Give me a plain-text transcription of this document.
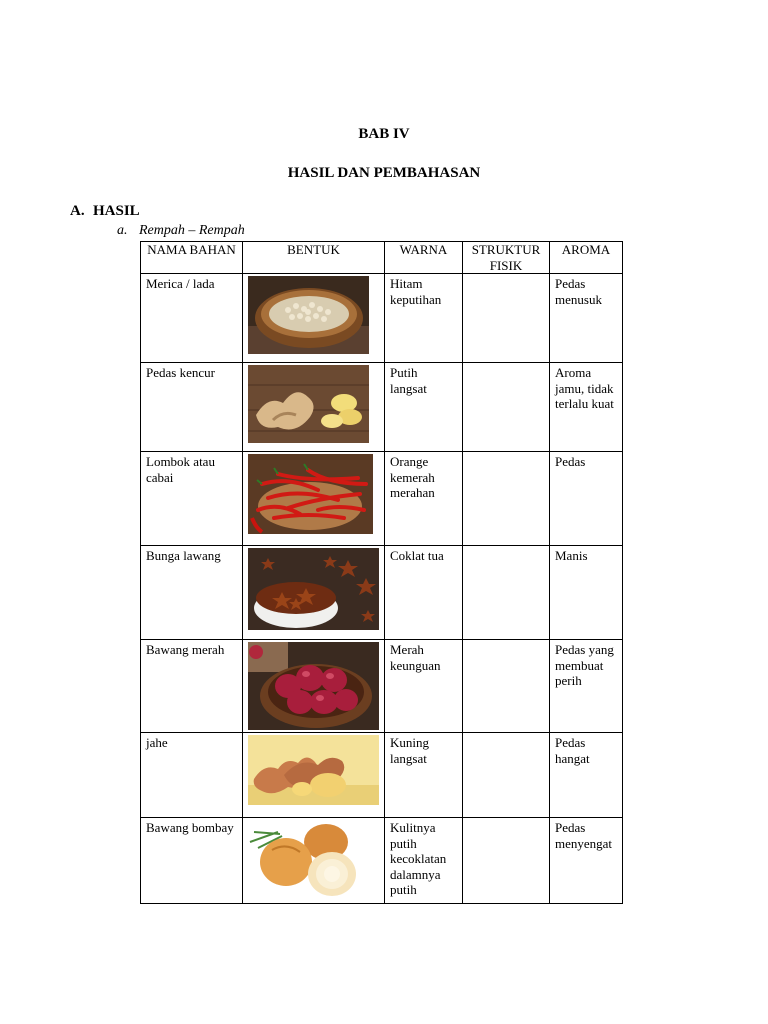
BAB IV
HASIL DAN PEMBAHASAN
A. HASIL
a. Rempah – Rempah
NAMA BAHAN	BENTUK	WARNA	STRUKTUR FISIK	AROMA
Merica / lada		Hitam keputihan		Pedas menusuk
Pedas kencur		Putih langsat		Aroma jamu, tidak terlalu kuat
Lombok atau cabai		Orange kemerah merahan		Pedas
Bunga lawang		Coklat tua		Manis
Bawang merah		Merah keunguan		Pedas yang membuat perih
jahe		Kuning langsat		Pedas hangat
Bawang bombay		Kulitnya putih kecoklatan dalamnya putih		Pedas menyengat
